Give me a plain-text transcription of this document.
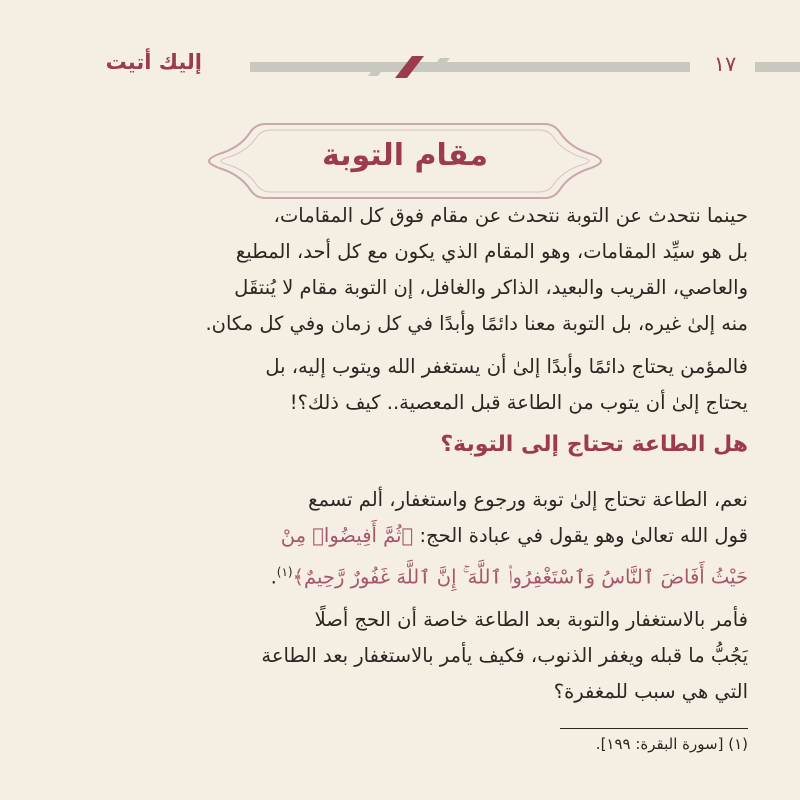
إليك أتيت	١٧
مقام التوبة
حينما نتحدث عن التوبة نتحدث عن مقام فوق كل المقامات،
بل هو سيِّد المقامات، وهو المقام الذي يكون مع كل أحد، المطيع
والعاصي، القريب والبعيد، الذاكر والغافل، إن التوبة مقام لا يُنتقَل
منه إلىٰ غيره، بل التوبة معنا دائمًا وأبدًا في كل زمان وفي كل مكان.
فالمؤمن يحتاج دائمًا وأبدًا إلىٰ أن يستغفر الله ويتوب إليه، بل
يحتاج إلىٰ أن يتوب من الطاعة قبل المعصية.. كيف ذلك؟!
هل الطاعة تحتاج إلى التوبة؟
نعم، الطاعة تحتاج إلىٰ توبة ورجوع واستغفار، ألم تسمع
قول الله تعالىٰ وهو يقول في عبادة الحج: ﴿ثُمَّ أَفِيضُوا۟ مِنْ
حَيْثُ أَفَاضَ ٱلنَّاسُ وَٱسْتَغْفِرُوا۟ ٱللَّهَ ۚ إِنَّ ٱللَّهَ غَفُورٌ رَّحِيمٌ﴾$^{(١)}$.
فأمر بالاستغفار والتوبة بعد الطاعة خاصة أن الحج أصلًا
يَجُبُّ ما قبله ويغفر الذنوب، فكيف يأمر بالاستغفار بعد الطاعة
التي هي سبب للمغفرة؟
(١) [سورة البقرة: ١٩٩].
